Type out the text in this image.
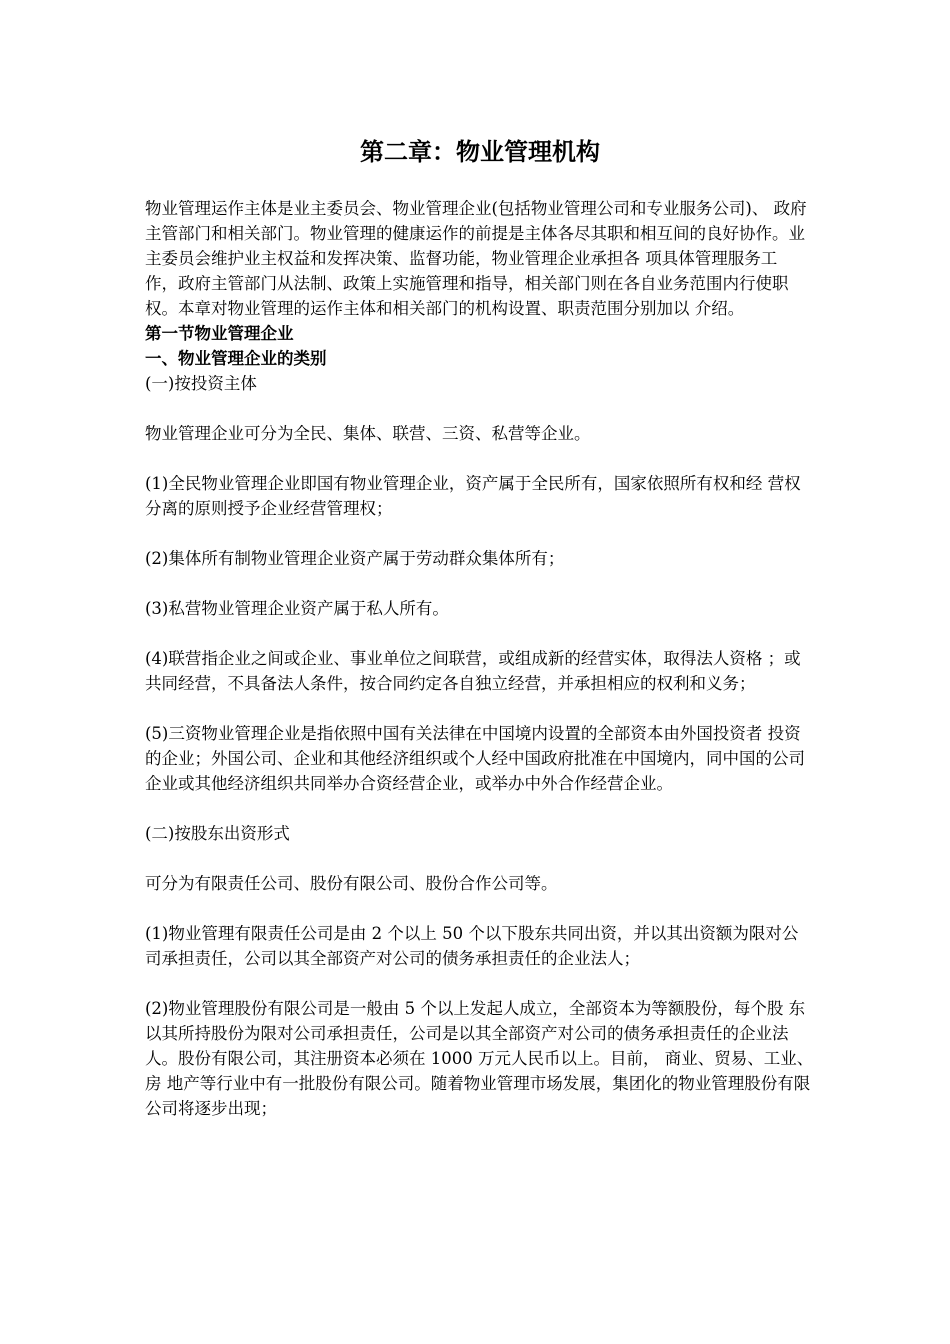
第二章：物业管理机构

物业管理运作主体是业主委员会、物业管理企业(包括物业管理公司和专业服务公司)、 政府主管部门和相关部门。物业管理的健康运作的前提是主体各尽其职和相互间的良好协作。业主委员会维护业主权益和发挥决策、监督功能，物业管理企业承担各 项具体管理服务工 作，政府主管部门从法制、政策上实施管理和指导，相关部门则在各自业务范围内行使职权。本章对物业管理的运作主体和相关部门的机构设置、职责范围分别加以 介绍。

第一节物业管理企业

一、物业管理企业的类别

(一)按投资主体

物业管理企业可分为全民、集体、联营、三资、私营等企业。

(1)全民物业管理企业即国有物业管理企业，资产属于全民所有，国家依照所有权和经 营权分离的原则授予企业经营管理权；

(2)集体所有制物业管理企业资产属于劳动群众集体所有；

(3)私营物业管理企业资产属于私人所有。

(4)联营指企业之间或企业、事业单位之间联营，或组成新的经营实体，取得法人资格 ；或共同经营，不具备法人条件，按合同约定各自独立经营，并承担相应的权利和义务；

(5)三资物业管理企业是指依照中国有关法律在中国境内设置的全部资本由外国投资者 投资的企业；外国公司、企业和其他经济组织或个人经中国政府批准在中国境内，同中国的公司企业或其他经济组织共同举办合资经营企业，或举办中外合作经营企业。

(二)按股东出资形式

可分为有限责任公司、股份有限公司、股份合作公司等。

(1)物业管理有限责任公司是由 2 个以上 50 个以下股东共同出资，并以其出资额为限对公 司承担责任，公司以其全部资产对公司的债务承担责任的企业法人；

(2)物业管理股份有限公司是一般由 5 个以上发起人成立，全部资本为等额股份，每个股 东以其所持股份为限对公司承担责任，公司是以其全部资产对公司的债务承担责任的企业法人。股份有限公司，其注册资本必须在 1000 万元人民币以上。目前， 商业、贸易、工业、房 地产等行业中有一批股份有限公司。随着物业管理市场发展，集团化的物业管理股份有限公司将逐步出现；
